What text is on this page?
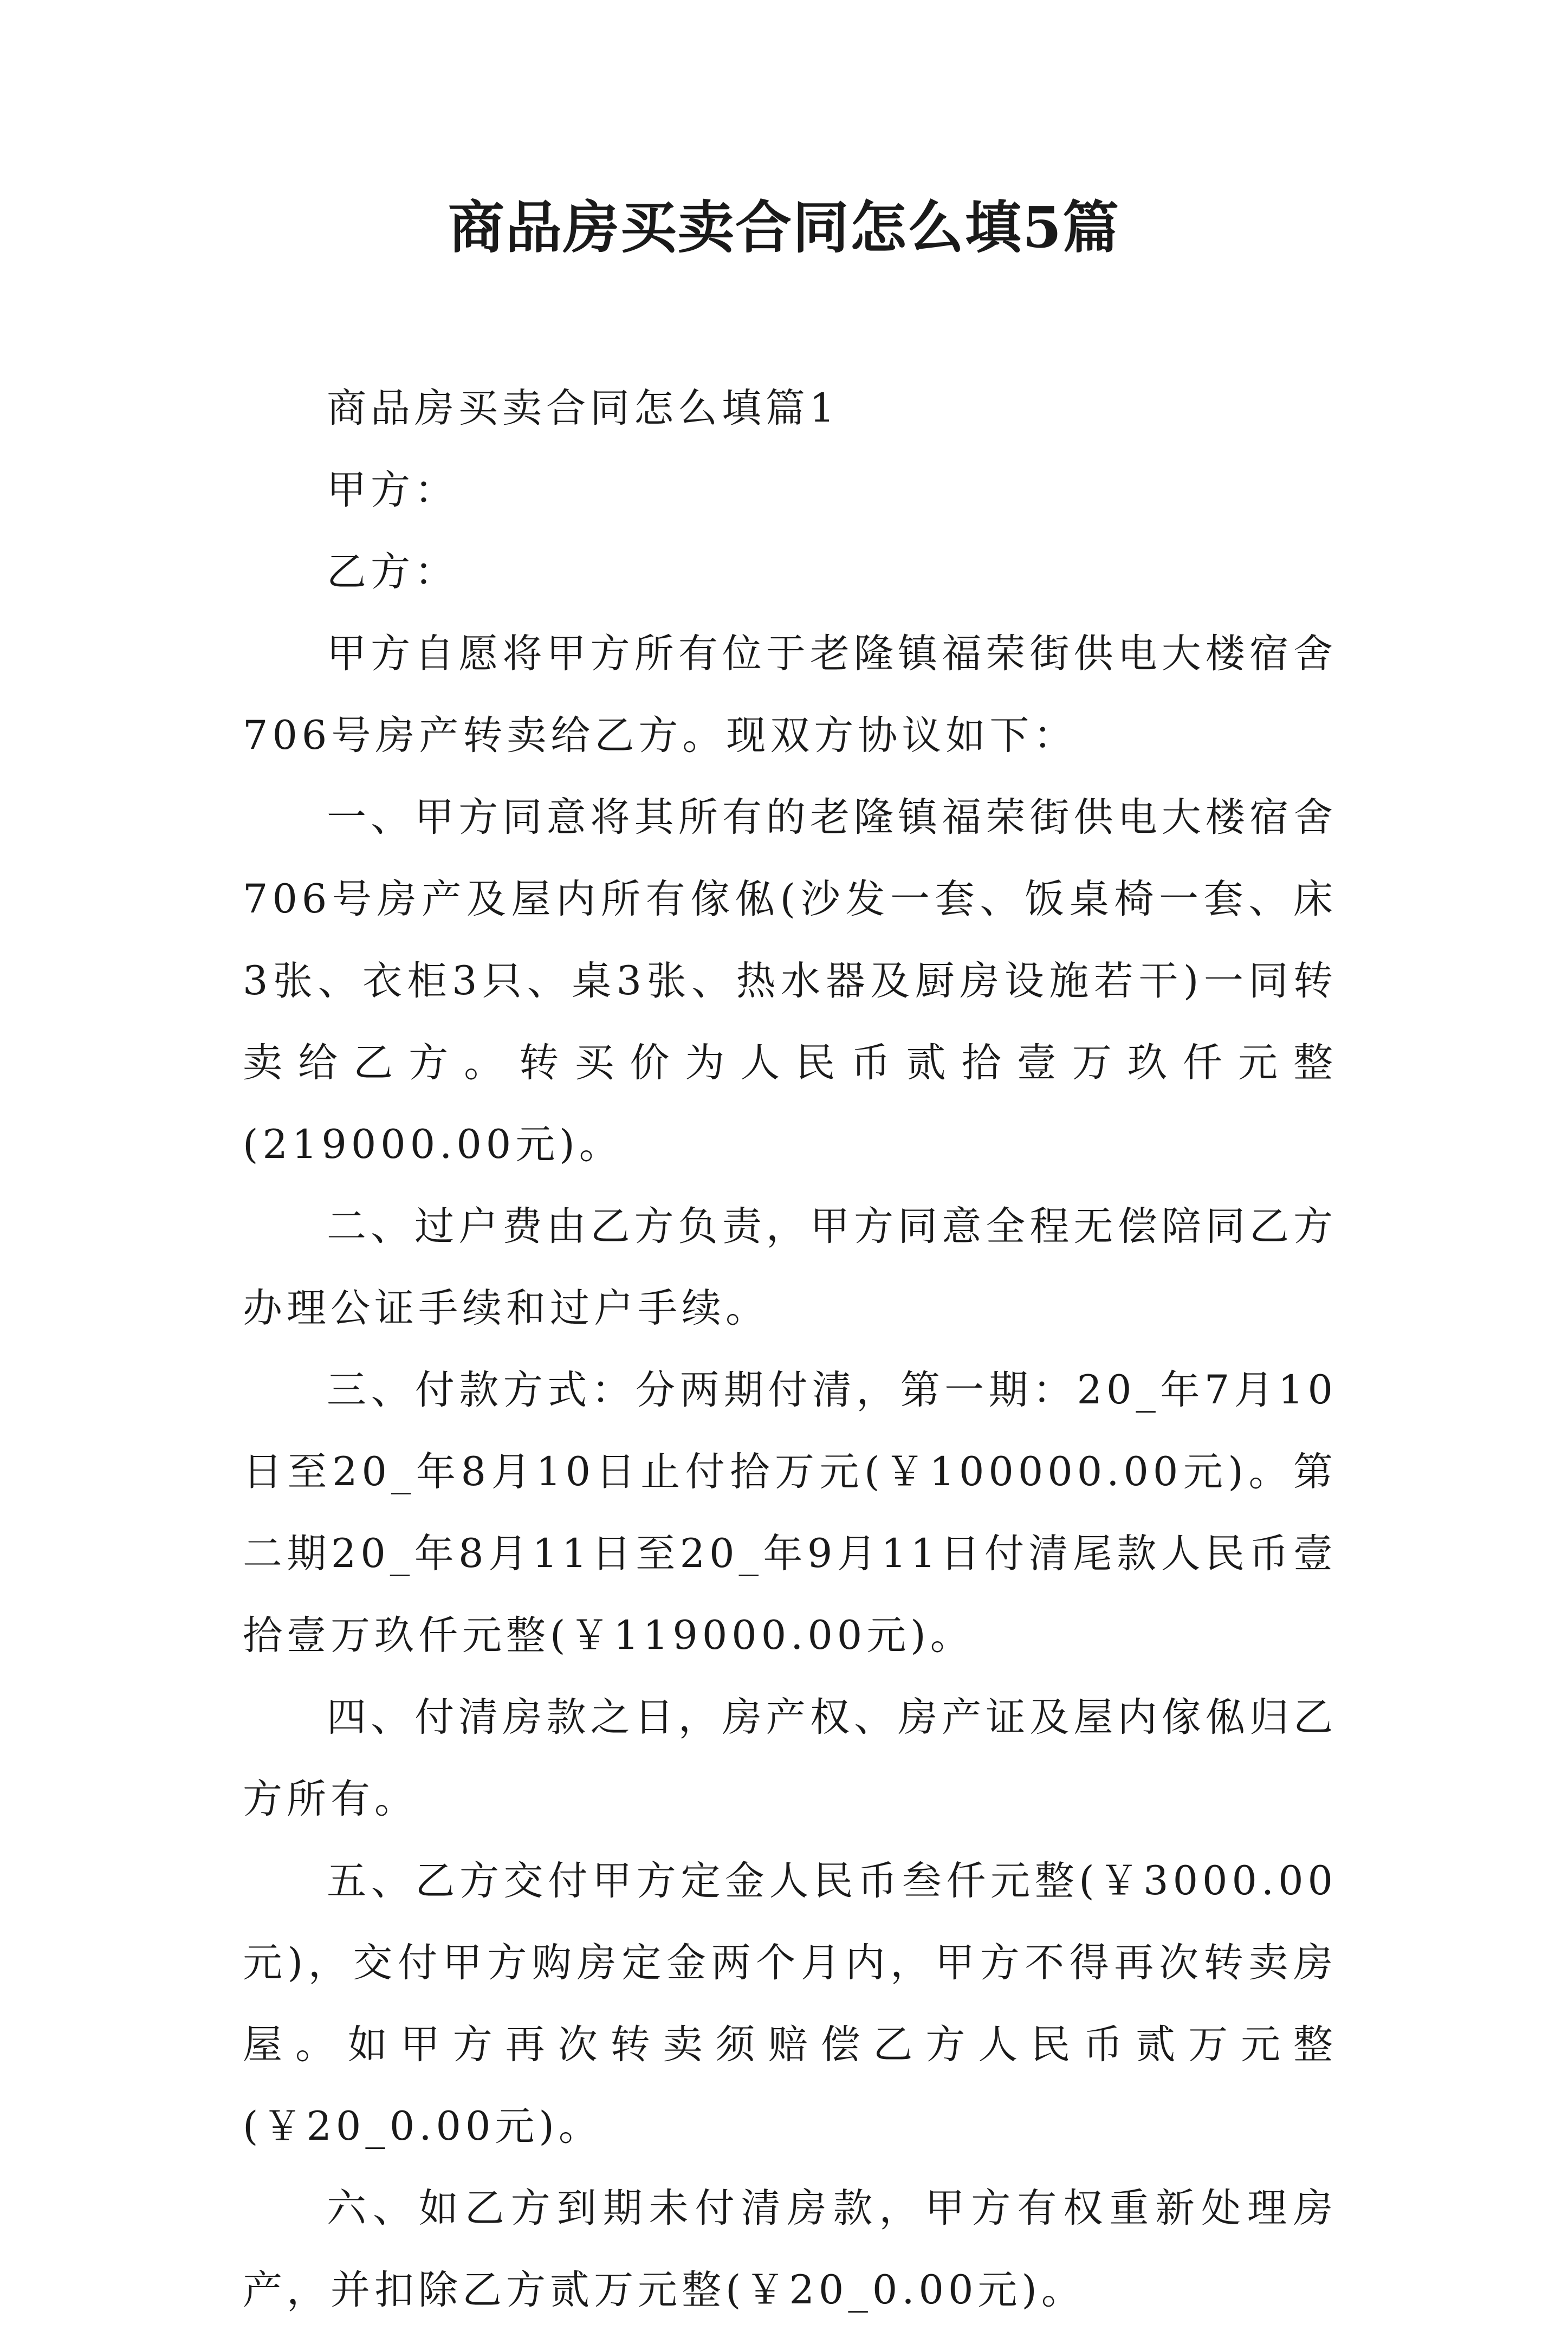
商品房买卖合同怎么填5篇

商品房买卖合同怎么填篇1

甲方：

乙方：

甲方自愿将甲方所有位于老隆镇福荣街供电大楼宿舍706号房产转卖给乙方。现双方协议如下：

一、甲方同意将其所有的老隆镇福荣街供电大楼宿舍706号房产及屋内所有傢俬(沙发一套、饭桌椅一套、床3张、衣柜3只、桌3张、热水器及厨房设施若干)一同转卖给乙方。转买价为人民币贰拾壹万玖仟元整(219000.00元)。

二、过户费由乙方负责，甲方同意全程无偿陪同乙方办理公证手续和过户手续。

三、付款方式：分两期付清，第一期：20_年7月10日至20_年8月10日止付拾万元(￥100000.00元)。第二期20_年8月11日至20_年9月11日付清尾款人民币壹拾壹万玖仟元整(￥119000.00元)。

四、付清房款之日，房产权、房产证及屋内傢俬归乙方所有。

五、乙方交付甲方定金人民币叁仟元整(￥3000.00元)，交付甲方购房定金两个月内，甲方不得再次转卖房屋。如甲方再次转卖须赔偿乙方人民币贰万元整(￥20_0.00元)。

六、如乙方到期未付清房款，甲方有权重新处理房产，并扣除乙方贰万元整(￥20_0.00元)。
